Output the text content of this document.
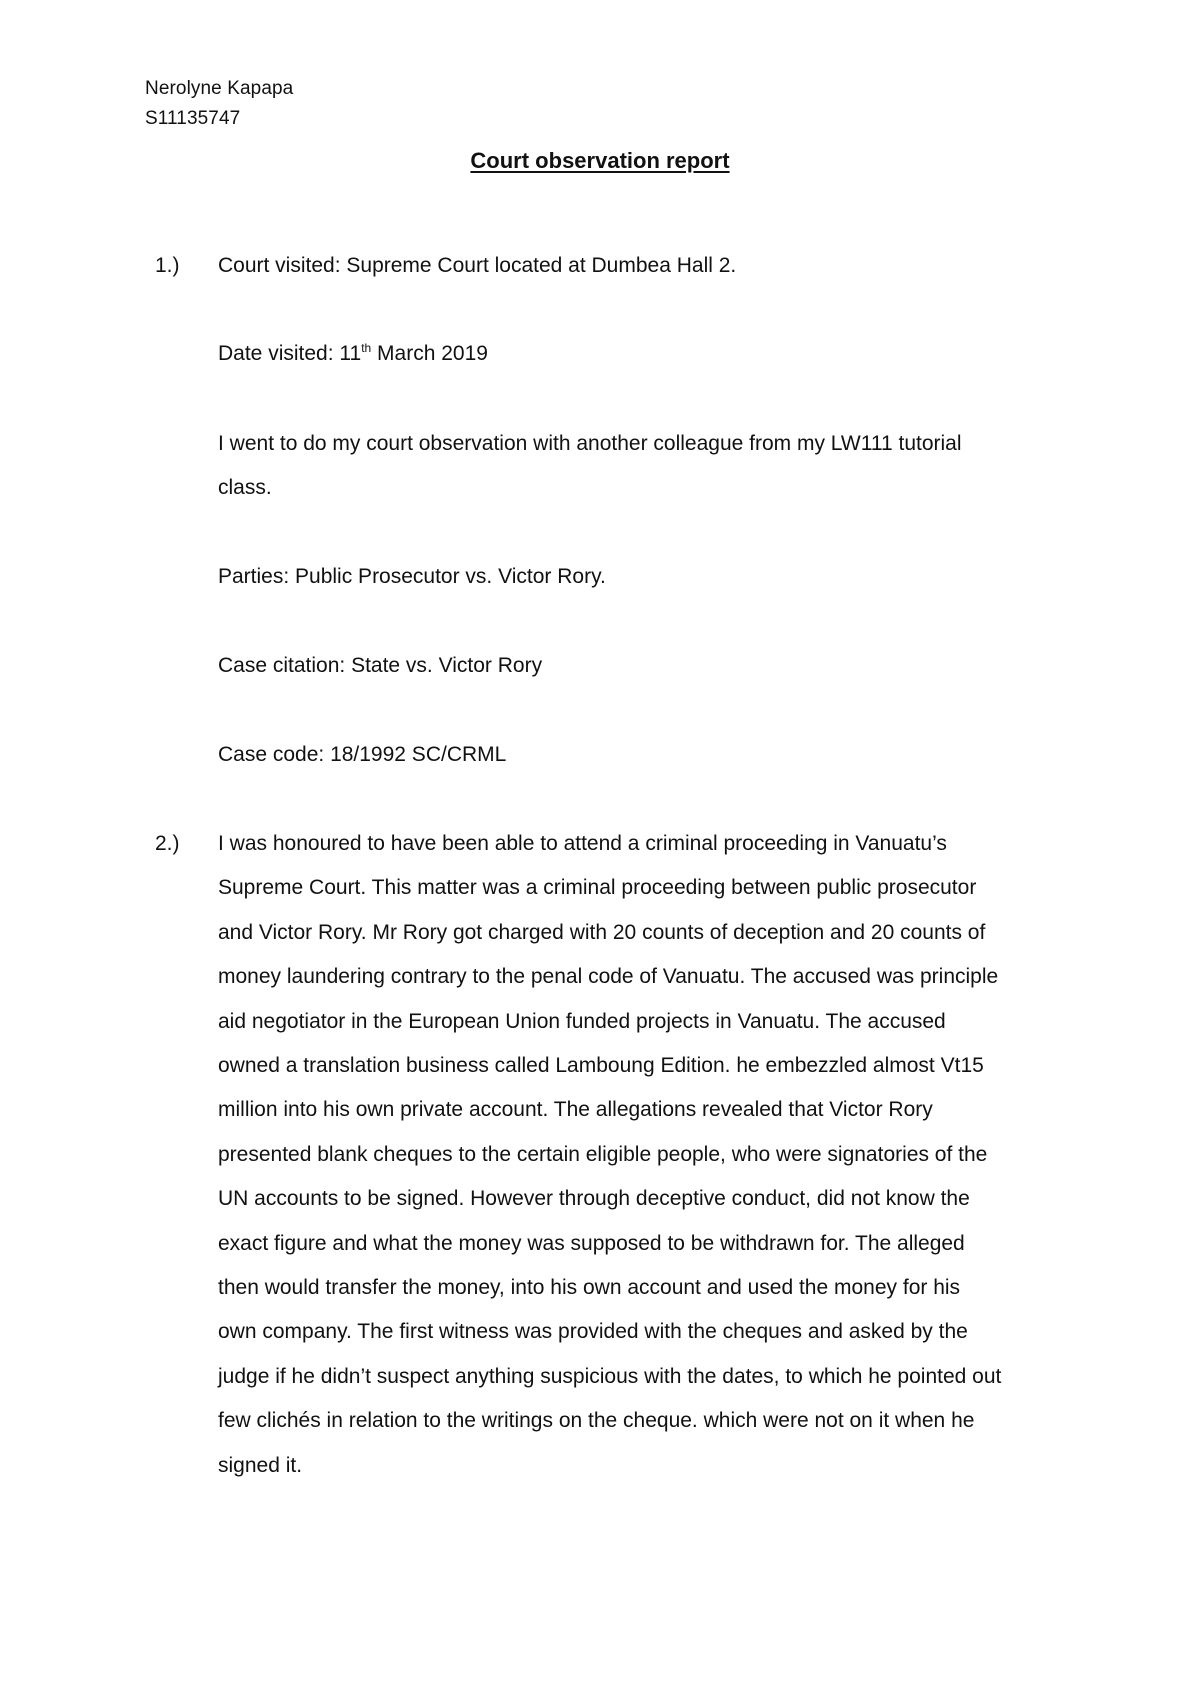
Nerolyne Kapapa
S11135747
Court observation report
1.) Court visited: Supreme Court located at Dumbea Hall 2.
Date visited: 11th March 2019
I went to do my court observation with another colleague from my LW111 tutorial
class.
Parties: Public Prosecutor vs. Victor Rory.
Case citation: State vs. Victor Rory
Case code: 18/1992 SC/CRML
2.) I was honoured to have been able to attend a criminal proceeding in Vanuatu’s
Supreme Court. This matter was a criminal proceeding between public prosecutor
and Victor Rory. Mr Rory got charged with 20 counts of deception and 20 counts of
money laundering contrary to the penal code of Vanuatu. The accused was principle
aid negotiator in the European Union funded projects in Vanuatu. The accused
owned a translation business called Lamboung Edition. he embezzled almost Vt15
million into his own private account. The allegations revealed that Victor Rory
presented blank cheques to the certain eligible people, who were signatories of the
UN accounts to be signed. However through deceptive conduct, did not know the
exact figure and what the money was supposed to be withdrawn for. The alleged
then would transfer the money, into his own account and used the money for his
own company. The first witness was provided with the cheques and asked by the
judge if he didn’t suspect anything suspicious with the dates, to which he pointed out
few clichés in relation to the writings on the cheque. which were not on it when he
signed it.
